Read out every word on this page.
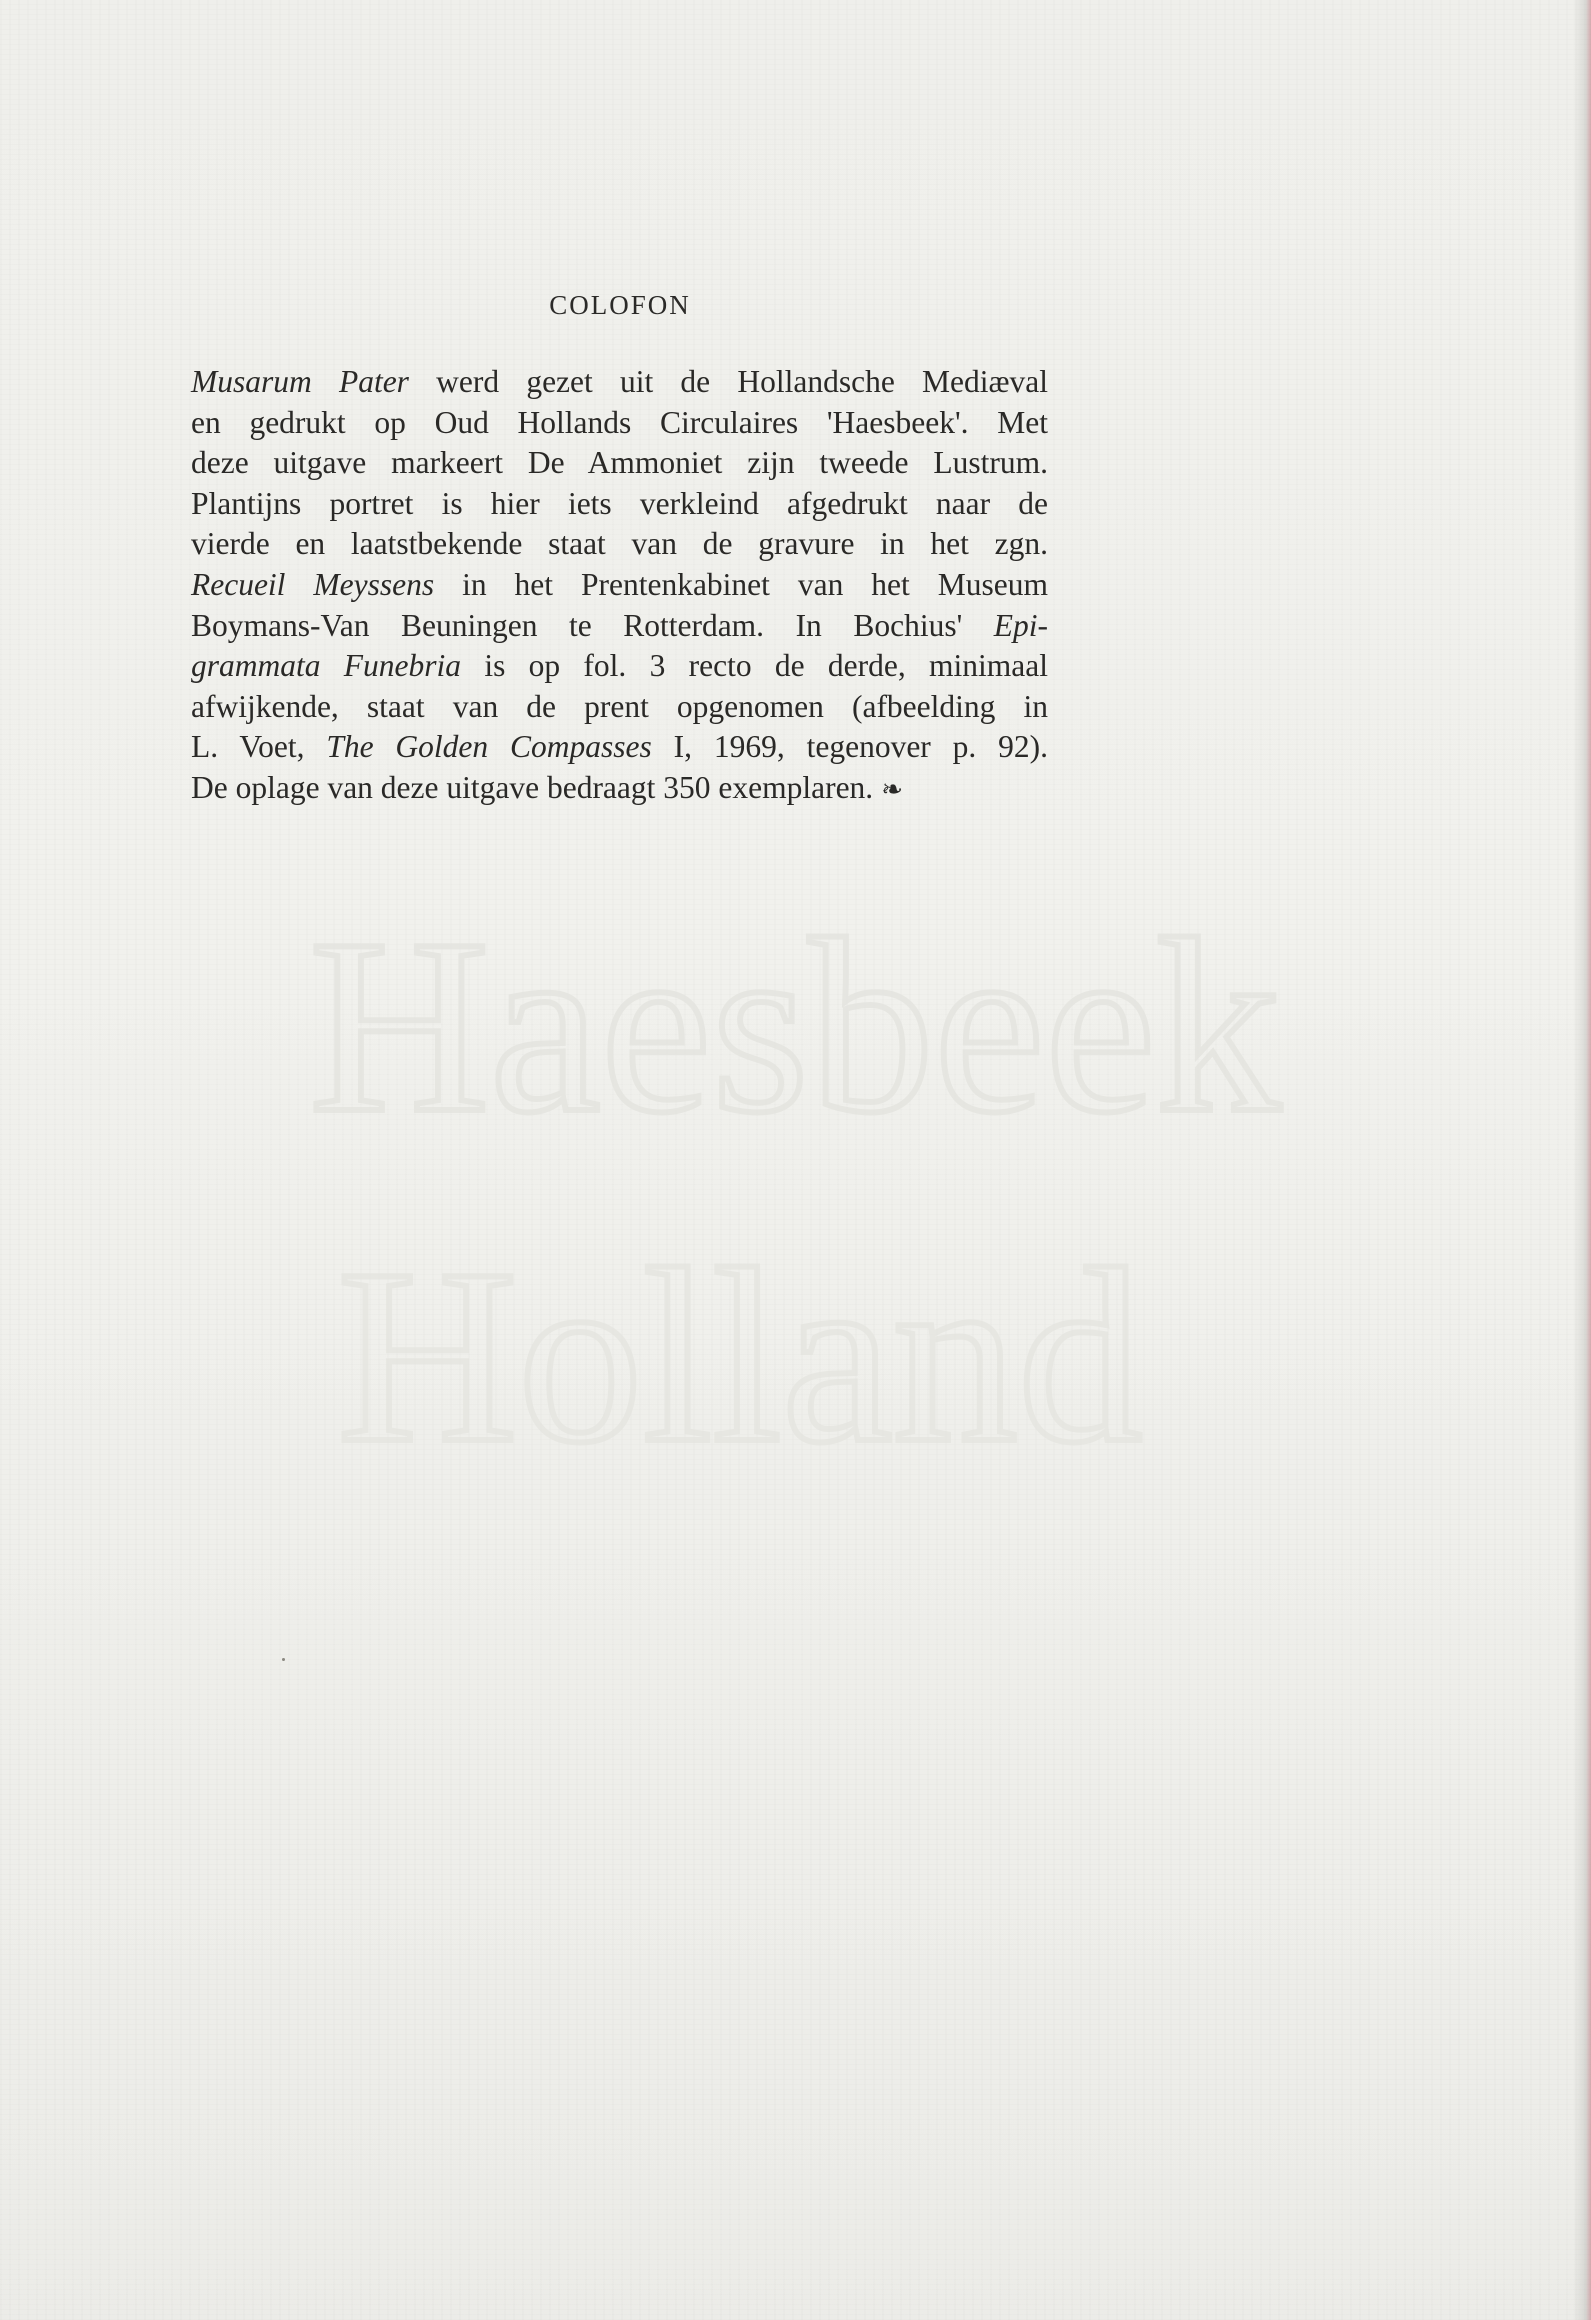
Haesbeek
Holland
COLOFON
Musarum Pater werd gezet uit de Hollandsche Mediæval
en gedrukt op Oud Hollands Circulaires 'Haesbeek'. Met
deze uitgave markeert De Ammoniet zijn tweede Lustrum.
Plantijns portret is hier iets verkleind afgedrukt naar de
vierde en laatstbekende staat van de gravure in het zgn.
Recueil Meyssens in het Prentenkabinet van het Museum
Boymans-Van Beuningen te Rotterdam. In Bochius' Epi-
grammata Funebria is op fol. 3 recto de derde, minimaal
afwijkende, staat van de prent opgenomen (afbeelding in
L. Voet, The Golden Compasses I, 1969, tegenover p. 92).
De oplage van deze uitgave bedraagt 350 exemplaren. ❧
